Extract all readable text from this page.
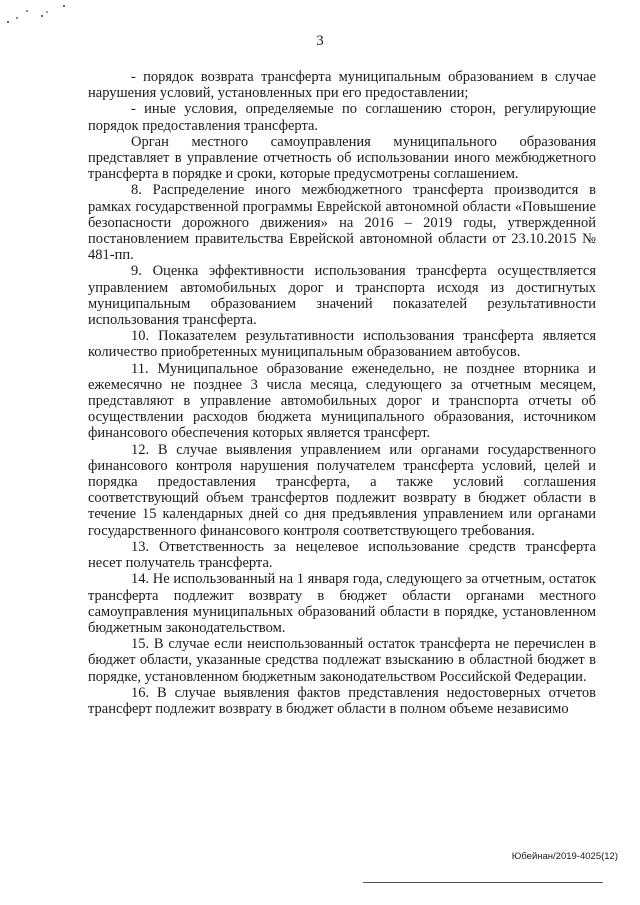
3

- порядок возврата трансферта муниципальным образованием в случае нарушения условий, установленных при его предоставлении;

- иные условия, определяемые по соглашению сторон, регулирующие порядок предоставления трансферта.

Орган местного самоуправления муниципального образования представляет в управление отчетность об использовании иного межбюджетного трансферта в порядке и сроки, которые предусмотрены соглашением.

8. Распределение иного межбюджетного трансферта производится в рамках государственной программы Еврейской автономной области «Повышение безопасности дорожного движения» на 2016 – 2019 годы, утвержденной постановлением правительства Еврейской автономной области от 23.10.2015 № 481-пп.

9. Оценка эффективности использования трансферта осуществляется управлением автомобильных дорог и транспорта исходя из достигнутых муниципальным образованием значений показателей результативности использования трансферта.

10. Показателем результативности использования трансферта является количество приобретенных муниципальным образованием автобусов.

11. Муниципальное образование еженедельно, не позднее вторника и ежемесячно не позднее 3 числа месяца, следующего за отчетным месяцем, представляют в управление автомобильных дорог и транспорта отчеты об осуществлении расходов бюджета муниципального образования, источником финансового обеспечения которых является трансферт.

12. В случае выявления управлением или органами государственного финансового контроля нарушения получателем трансферта условий, целей и порядка предоставления трансферта, а также условий соглашения соответствующий объем трансфертов подлежит возврату в бюджет области в течение 15 календарных дней со дня предъявления управлением или органами государственного финансового контроля соответствующего требования.

13. Ответственность за нецелевое использование средств трансферта несет получатель трансферта.

14. Не использованный на 1 января года, следующего за отчетным, остаток трансферта подлежит возврату в бюджет области органами местного самоуправления муниципальных образований области в порядке, установленном бюджетным законодательством.

15. В случае если неиспользованный остаток трансферта не перечислен в бюджет области, указанные средства подлежат взысканию в областной бюджет в порядке, установленном бюджетным законодательством Российской Федерации.

16. В случае выявления фактов представления недостоверных отчетов трансферт подлежит возврату в бюджет области в полном объеме независимо

Юбейнан/2019-4025(12)
